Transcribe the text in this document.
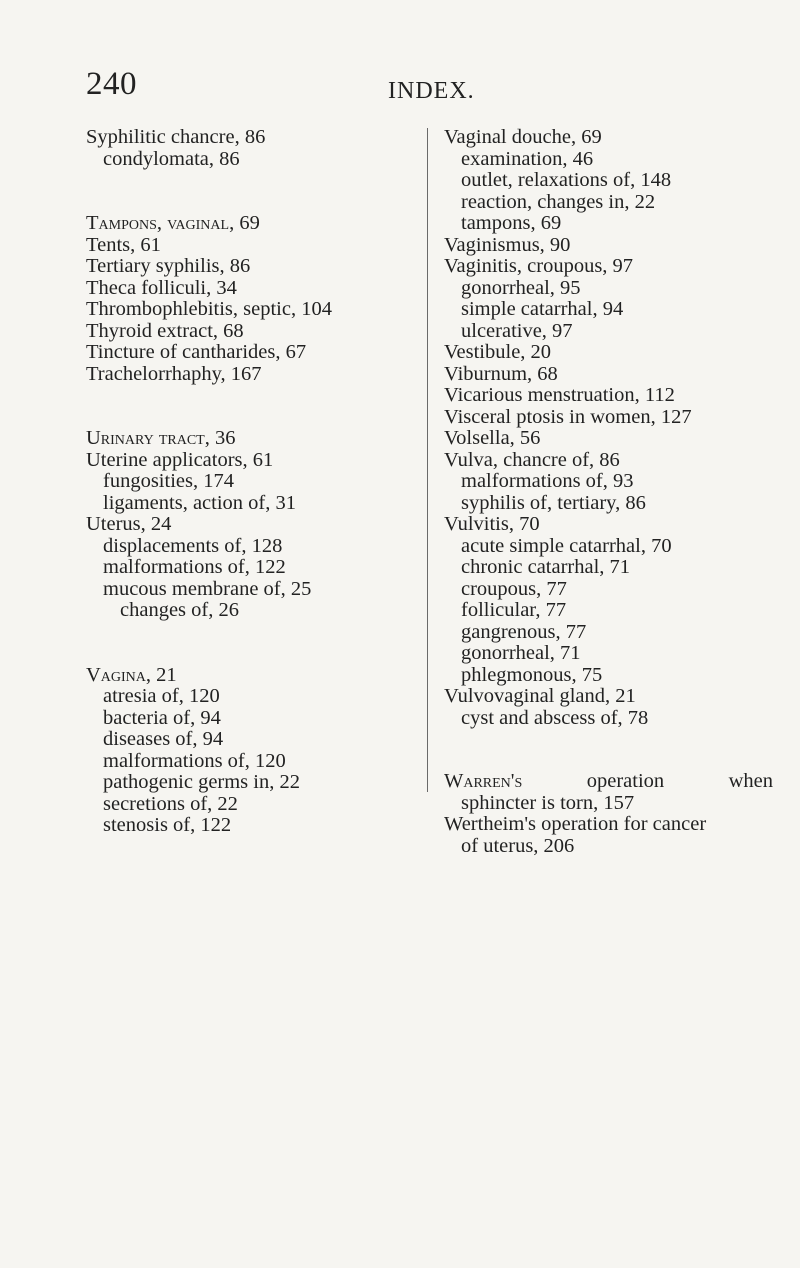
240	INDEX.
Syphilitic chancre, 86
condylomata, 86
Tampons, vaginal, 69
Tents, 61
Tertiary syphilis, 86
Theca folliculi, 34
Thrombophlebitis, septic, 104
Thyroid extract, 68
Tincture of cantharides, 67
Trachelorrhaphy, 167
Urinary tract, 36
Uterine applicators, 61
fungosities, 174
ligaments, action of, 31
Uterus, 24
displacements of, 128
malformations of, 122
mucous membrane of, 25
changes of, 26
Vagina, 21
atresia of, 120
bacteria of, 94
diseases of, 94
malformations of, 120
pathogenic germs in, 22
secretions of, 22
stenosis of, 122
Vaginal douche, 69
examination, 46
outlet, relaxations of, 148
reaction, changes in, 22
tampons, 69
Vaginismus, 90
Vaginitis, croupous, 97
gonorrheal, 95
simple catarrhal, 94
ulcerative, 97
Vestibule, 20
Viburnum, 68
Vicarious menstruation, 112
Visceral ptosis in women, 127
Volsella, 56
Vulva, chancre of, 86
malformations of, 93
syphilis of, tertiary, 86
Vulvitis, 70
acute simple catarrhal, 70
chronic catarrhal, 71
croupous, 77
follicular, 77
gangrenous, 77
gonorrheal, 71
phlegmonous, 75
Vulvovaginal gland, 21
cyst and abscess of, 78
Warren's	operation	when
sphincter is torn, 157
Wertheim's operation for cancer
of uterus, 206
